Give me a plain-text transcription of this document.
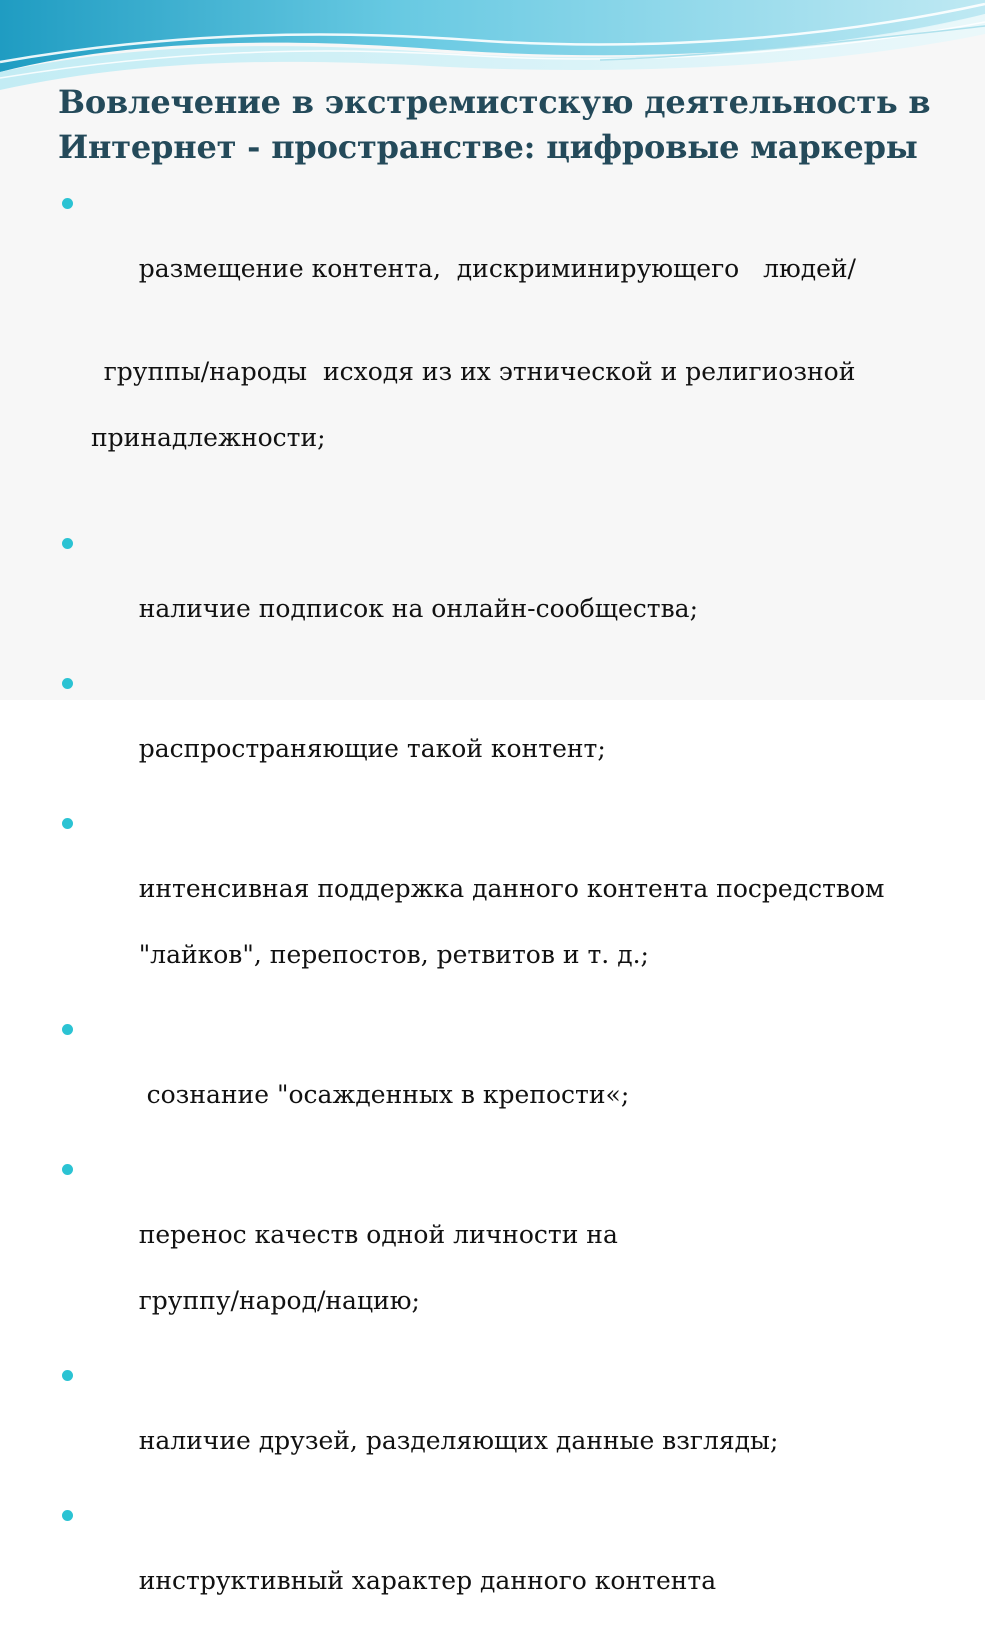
Вовлечение в экстремистскую деятельность в
Интернет - пространстве: цифровые маркеры

размещение контента,  дискриминирующего   людей/

группы/народы  исходя из их этнической и религиозной

принадлежности;

наличие подписок на онлайн-сообщества;

распространяющие такой контент;

интенсивная поддержка данного контента посредством

"лайков", перепостов, ретвитов и т. д.;

сознание "осажденных в крепости«;

перенос качеств одной личности на

группу/народ/нацию;

наличие друзей, разделяющих данные взгляды;

инструктивный характер данного контента
